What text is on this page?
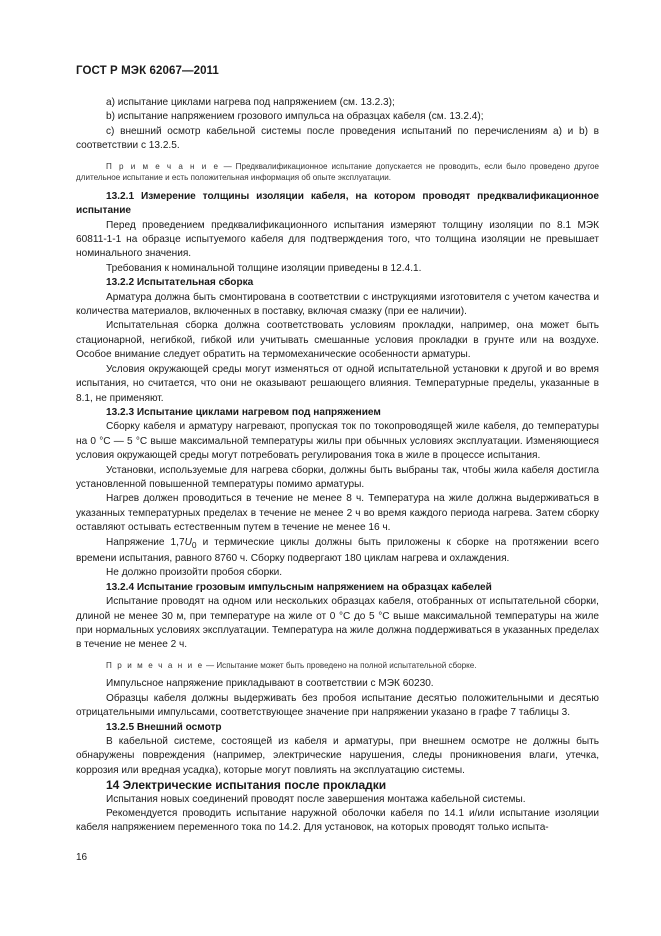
ГОСТ Р МЭК 62067—2011

a) испытание циклами нагрева под напряжением (см. 13.2.3);

b) испытание напряжением грозового импульса на образцах кабеля (см. 13.2.4);

c) внешний осмотр кабельной системы после проведения испытаний по перечислениям a) и b) в соответствии с 13.2.5.

П р и м е ч а н и е — Предквалификационное испытание допускается не проводить, если было проведено другое длительное испытание и есть положительная информация об опыте эксплуатации.

13.2.1 Измерение толщины изоляции кабеля, на котором проводят предквалификационное испытание

Перед проведением предквалификационного испытания измеряют толщину изоляции по 8.1 МЭК 60811-1-1 на образце испытуемого кабеля для подтверждения того, что толщина изоляции не превышает номинального значения.

Требования к номинальной толщине изоляции приведены в 12.4.1.

13.2.2 Испытательная сборка

Арматура должна быть смонтирована в соответствии с инструкциями изготовителя с учетом качества и количества материалов, включенных в поставку, включая смазку (при ее наличии).

Испытательная сборка должна соответствовать условиям прокладки, например, она может быть стационарной, негибкой, гибкой или учитывать смешанные условия прокладки в грунте или на воздухе. Особое внимание следует обратить на термомеханические особенности арматуры.

Условия окружающей среды могут изменяться от одной испытательной установки к другой и во время испытания, но считается, что они не оказывают решающего влияния. Температурные пределы, указанные в 8.1, не применяют.

13.2.3 Испытание циклами нагревом под напряжением

Сборку кабеля и арматуру нагревают, пропуская ток по токопроводящей жиле кабеля, до температуры на 0 °С — 5 °С выше максимальной температуры жилы при обычных условиях эксплуатации. Изменяющиеся условия окружающей среды могут потребовать регулирования тока в жиле в процессе испытания.

Установки, используемые для нагрева сборки, должны быть выбраны так, чтобы жила кабеля достигла установленной повышенной температуры помимо арматуры.

Нагрев должен проводиться в течение не менее 8 ч. Температура на жиле должна выдерживаться в указанных температурных пределах в течение не менее 2 ч во время каждого периода нагрева. Затем сборку оставляют остывать естественным путем в течение не менее 16 ч.

Напряжение $1,7U_0$ и термические циклы должны быть приложены к сборке на протяжении всего времени испытания, равного 8760 ч. Сборку подвергают 180 циклам нагрева и охлаждения.

Не должно произойти пробоя сборки.

13.2.4 Испытание грозовым импульсным напряжением на образцах кабелей

Испытание проводят на одном или нескольких образцах кабеля, отобранных от испытательной сборки, длиной не менее 30 м, при температуре на жиле от 0 °С до 5 °С выше максимальной температуры на жиле при нормальных условиях эксплуатации. Температура на жиле должна поддерживаться в указанных пределах в течение не менее 2 ч.

П р и м е ч а н и е — Испытание может быть проведено на полной испытательной сборке.

Импульсное напряжение прикладывают в соответствии с МЭК 60230.

Образцы кабеля должны выдерживать без пробоя испытание десятью положительными и десятью отрицательными импульсами, соответствующее значение при напряжении указано в графе 7 таблицы 3.

13.2.5 Внешний осмотр

В кабельной системе, состоящей из кабеля и арматуры, при внешнем осмотре не должны быть обнаружены повреждения (например, электрические нарушения, следы проникновения влаги, утечка, коррозия или вредная усадка), которые могут повлиять на эксплуатацию системы.

14 Электрические испытания после прокладки

Испытания новых соединений проводят после завершения монтажа кабельной системы.

Рекомендуется проводить испытание наружной оболочки кабеля по 14.1 и/или испытание изоляции кабеля напряжением переменного тока по 14.2. Для установок, на которых проводят только испыта-

16
